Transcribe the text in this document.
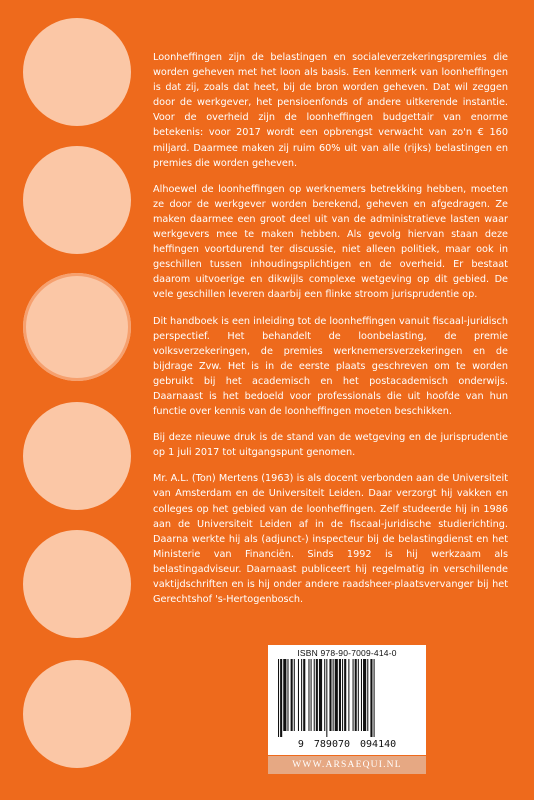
Loonheffingen zijn de belastingen en socialeverzekeringspremies die worden geheven met het loon als basis. Een kenmerk van loonheffingen is dat zij, zoals dat heet, bij de bron worden geheven. Dat wil zeggen door de werkgever, het pensioenfonds of andere uitkerende instantie. Voor de overheid zijn de loonheffingen budgettair van enorme betekenis: voor 2017 wordt een opbrengst verwacht van zo'n € 160 miljard. Daarmee maken zij ruim 60% uit van alle (rijks) belastingen en premies die worden geheven.

Alhoewel de loonheffingen op werknemers betrekking hebben, moeten ze door de werkgever worden berekend, geheven en afgedragen. Ze maken daarmee een groot deel uit van de administratieve lasten waar werkgevers mee te maken hebben. Als gevolg hiervan staan deze heffingen voortdurend ter discussie, niet alleen politiek, maar ook in geschillen tussen inhoudingsplichtigen en de overheid. Er bestaat daarom uitvoerige en dikwijls complexe wetgeving op dit gebied. De vele geschillen leveren daarbij een flinke stroom jurisprudentie op.

Dit handboek is een inleiding tot de loonheffingen vanuit fiscaal-juridisch perspectief. Het behandelt de loonbelasting, de premie volksverzekeringen, de premies werknemersverzekeringen en de bijdrage Zvw. Het is in de eerste plaats geschreven om te worden gebruikt bij het academisch en het postacademisch onderwijs. Daarnaast is het bedoeld voor professionals die uit hoofde van hun functie over kennis van de loonheffingen moeten beschikken.

Bij deze nieuwe druk is de stand van de wetgeving en de jurisprudentie op 1 juli 2017 tot uitgangspunt genomen.

Mr. A.L. (Ton) Mertens (1963) is als docent verbonden aan de Universiteit van Amsterdam en de Universiteit Leiden. Daar verzorgt hij vakken en colleges op het gebied van de loonheffingen. Zelf studeerde hij in 1986 aan de Universiteit Leiden af in de fiscaal-juridische studierichting. Daarna werkte hij als (adjunct-) inspecteur bij de belastingdienst en het Ministerie van Financiën. Sinds 1992 is hij werkzaam als belastingadviseur. Daarnaast publiceert hij regelmatig in verschillende vaktijdschriften en is hij onder andere raadsheer-plaatsvervanger bij het Gerechtshof 's-Hertogenbosch.

ISBN 978-90-7009-414-0
9 789070 094140
WWW.ARSAEQUI.NL
